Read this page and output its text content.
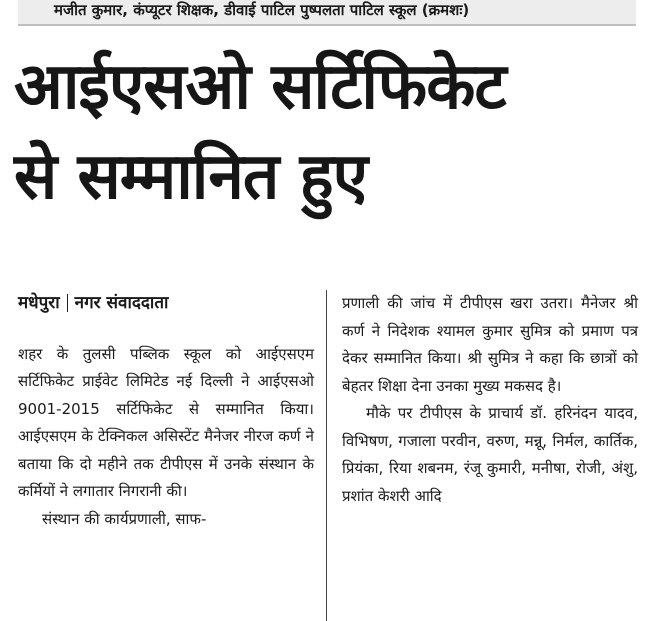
मजीत कुमार, कंप्यूटर शिक्षक, डीवाई पाटिल पुष्पलता पाटिल स्कूल (क्रमशः)
आईएसओ सर्टिफिकेट
से सम्मानित हुए
मधेपुरा नगर संवाददाता

शहर के तुलसी पब्लिक स्कूल को आईएसएम सर्टिफिकेट प्राईवेट लिमिटेड नई दिल्ली ने आईएसओ 9001-2015 सर्टिफिकेट से सम्मानित किया। आईएसएम के टेक्निकल असिस्टेंट मैनेजर नीरज कर्ण ने बताया कि दो महीने तक टीपीएस में उनके संस्थान के कर्मियों ने लगातार निगरानी की।

संस्थान की कार्यप्रणाली, साफ-

प्रणाली की जांच में टीपीएस खरा उतरा। मैनेजर श्री कर्ण ने निदेशक श्यामल कुमार सुमित्र को प्रमाण पत्र देकर सम्मानित किया। श्री सुमित्र ने कहा कि छात्रों को बेहतर शिक्षा देना उनका मुख्य मकसद है।

मौके पर टीपीएस के प्राचार्य डॉ. हरिनंदन यादव, विभिषण, गजाला परवीन, वरुण, मन्नू, निर्मल, कार्तिक, प्रियंका, रिया शबनम, रंजू कुमारी, मनीषा, रोजी, अंशु, प्रशांत केशरी आदि
